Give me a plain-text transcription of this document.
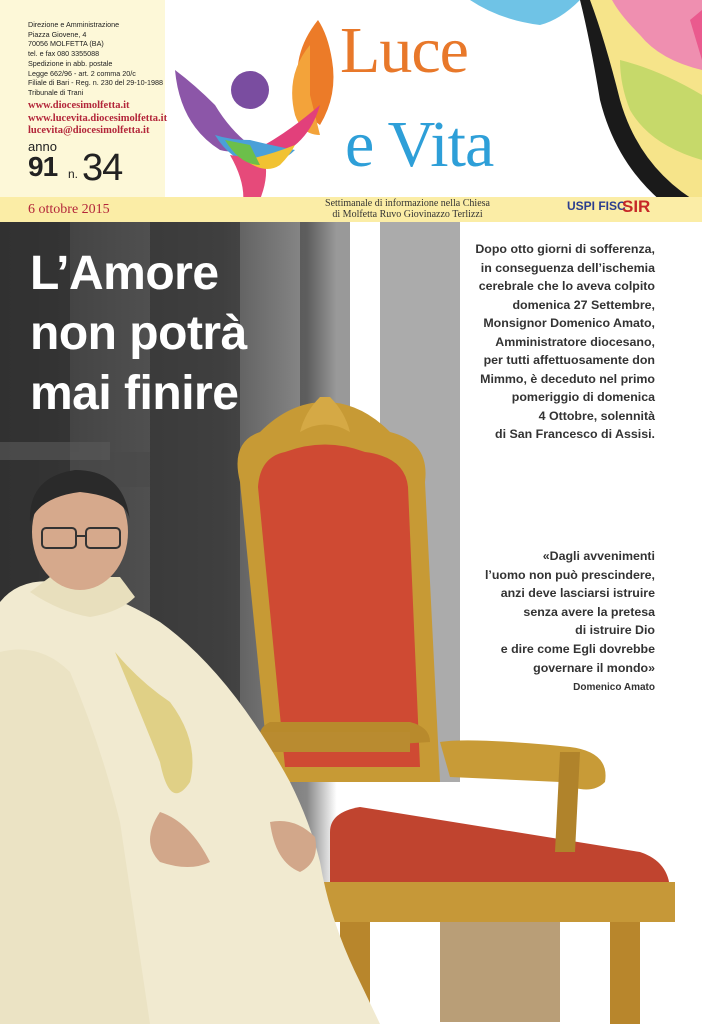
Direzione e Amministrazione
Piazza Giovene, 4
70056 MOLFETTA (BA)
tel. e fax 080 3355088
Spedizione in abb. postale
Legge 662/96 - art. 2 comma 20/c
Filiale di Bari - Reg. n. 230 del 29-10-1988
Tribunale di Trani
www.diocesimolfetta.it
www.lucevita.diocesimolfetta.it
lucevita@diocesimolfetta.it
anno
91 n. 34
Luce
e Vita
6 ottobre 2015	Settimanale di informazione nella Chiesa
di Molfetta Ruvo Giovinazzo Terlizzi
USPI FISC
SIR
L’Amore
non potrà
mai finire
Dopo otto giorni di sofferenza,
in conseguenza dell’ischemia
cerebrale che lo aveva colpito
domenica 27 Settembre,
Monsignor Domenico Amato,
Amministratore diocesano,
per tutti affettuosamente don
Mimmo, è deceduto nel primo
pomeriggio di domenica
4 Ottobre, solennità
di San Francesco di Assisi.
«Dagli avvenimenti
l’uomo non può prescindere,
anzi deve lasciarsi istruire
senza avere la pretesa
di istruire Dio
e dire come Egli dovrebbe
governare il mondo»
Domenico Amato
